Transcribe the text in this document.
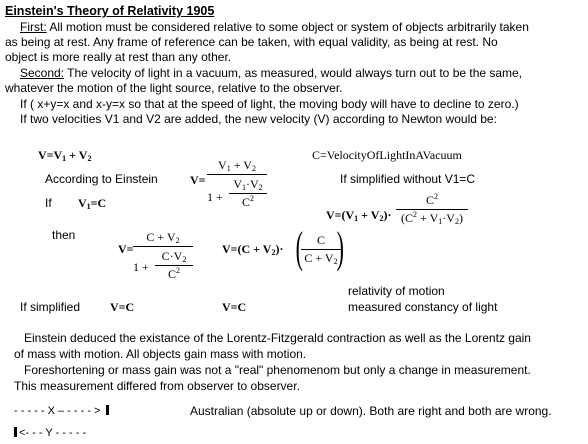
Einstein's Theory of Relativity 1905
First: All motion must be considered relative to some object or system of objects arbitrarily taken
as being at rest. Any frame of reference can be taken, with equal validity, as being at rest. No
object is more really at rest than any other.
Second: The velocity of light in a vacuum, as measured, would always turn out to be the same,
whatever the motion of the light source, relative to the observer.
If ( x+y=x and x-y=x so that at the speed of light, the moving body will have to decline to zero.)
If two velocities V1 and V2 are added, the new velocity (V) according to Newton would be:
$V=V_1 + V_2$	C=VelocityOfLightInAVacuum
According to Einstein	V=
$V_1 + V_2$
1 +
$V_1\cdot V_2$
$C^2$
If simplified without V1=C
If $V_1=C$
$V=(V_1 + V_2)\cdot$
$C^2$
$(C^2 + V_1\cdot V_2)$
then
V=
$C + V_2$
1 +
$C\cdot V_2$
$C^2$
$V=(C + V_2)\cdot$ (	C
$C + V_2$ )
relativity of motion
measured constancy of light
If simplified V=C	V=C
Einstein deduced the existance of the Lorentz-Fitzgerald contraction as well as the Lorentz gain
of mass with motion. All objects gain mass with motion.
Foreshortening or mass gain was not a "real" phenomenom but only a change in measurement.
This measurement differed from observer to observer.
- - - - - X – - - - - >	Australian (absolute up or down). Both are right and both are wrong.
<- - - Y - - - - -
